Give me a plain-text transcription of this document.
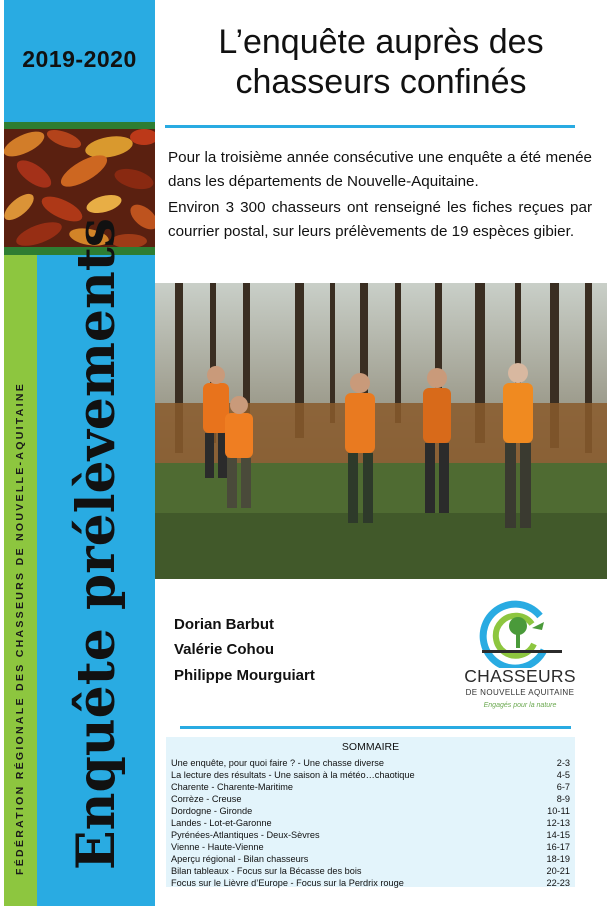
2019-2020
FÉDÉRATION RÉGIONALE DES CHASSEURS DE NOUVELLE-AQUITAINE Enquête prélèvements
L’enquête auprès des
chasseurs confinés
Pour la troisième année consécutive une enquête a été menée dans les départements de Nouvelle-Aquitaine.
Environ 3 300 chasseurs ont renseigné les fiches reçues par courrier postal, sur leurs prélèvements de 19 espèces gibier.
Dorian Barbut
Valérie Cohou
Philippe Mourguiart	CHASSEURS
DE NOUVELLE AQUITAINE
Engagés pour la nature
SOMMAIRE
Une enquête, pour quoi faire ? - Une chasse diverse	2-3
La lecture des résultats - Une saison à la météo…chaotique	4-5
Charente - Charente-Maritime	6-7
Corrèze - Creuse	8-9
Dordogne - Gironde	10-11
Landes - Lot-et-Garonne	12-13
Pyrénées-Atlantiques - Deux-Sèvres	14-15
Vienne - Haute-Vienne	16-17
Aperçu régional - Bilan chasseurs	18-19
Bilan tableaux - Focus sur la Bécasse des bois	20-21
Focus sur le Lièvre d’Europe - Focus sur la Perdrix rouge	22-23
